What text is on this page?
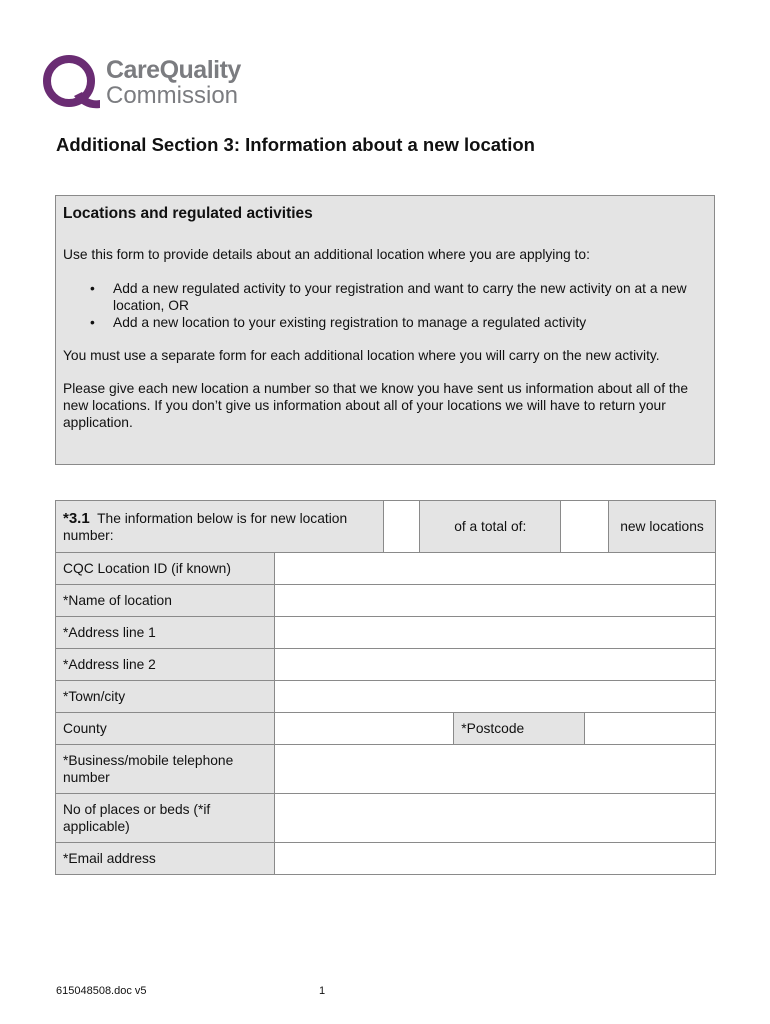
CareQuality
Commission
Additional Section 3: Information about a new location
Locations and regulated activities

Use this form to provide details about an additional location where you are applying to:

• Add a new regulated activity to your registration and want to carry the new activity on at a new location, OR
• Add a new location to your existing registration to manage a regulated activity

You must use a separate form for each additional location where you will carry on the new activity.

Please give each new location a number so that we know you have sent us information about all of the new locations. If you don’t give us information about all of your locations we will have to return your application.

*3.1 The information below is for new location number:			of a total of:				new locations
CQC Location ID (if known)							
*Name of location							
*Address line 1							
*Address line 2							
*Town/city							
County				*Postcode			
*Business/mobile telephone number							
No of places or beds (*if applicable)							
*Email address							
615048508.doc v5	1
